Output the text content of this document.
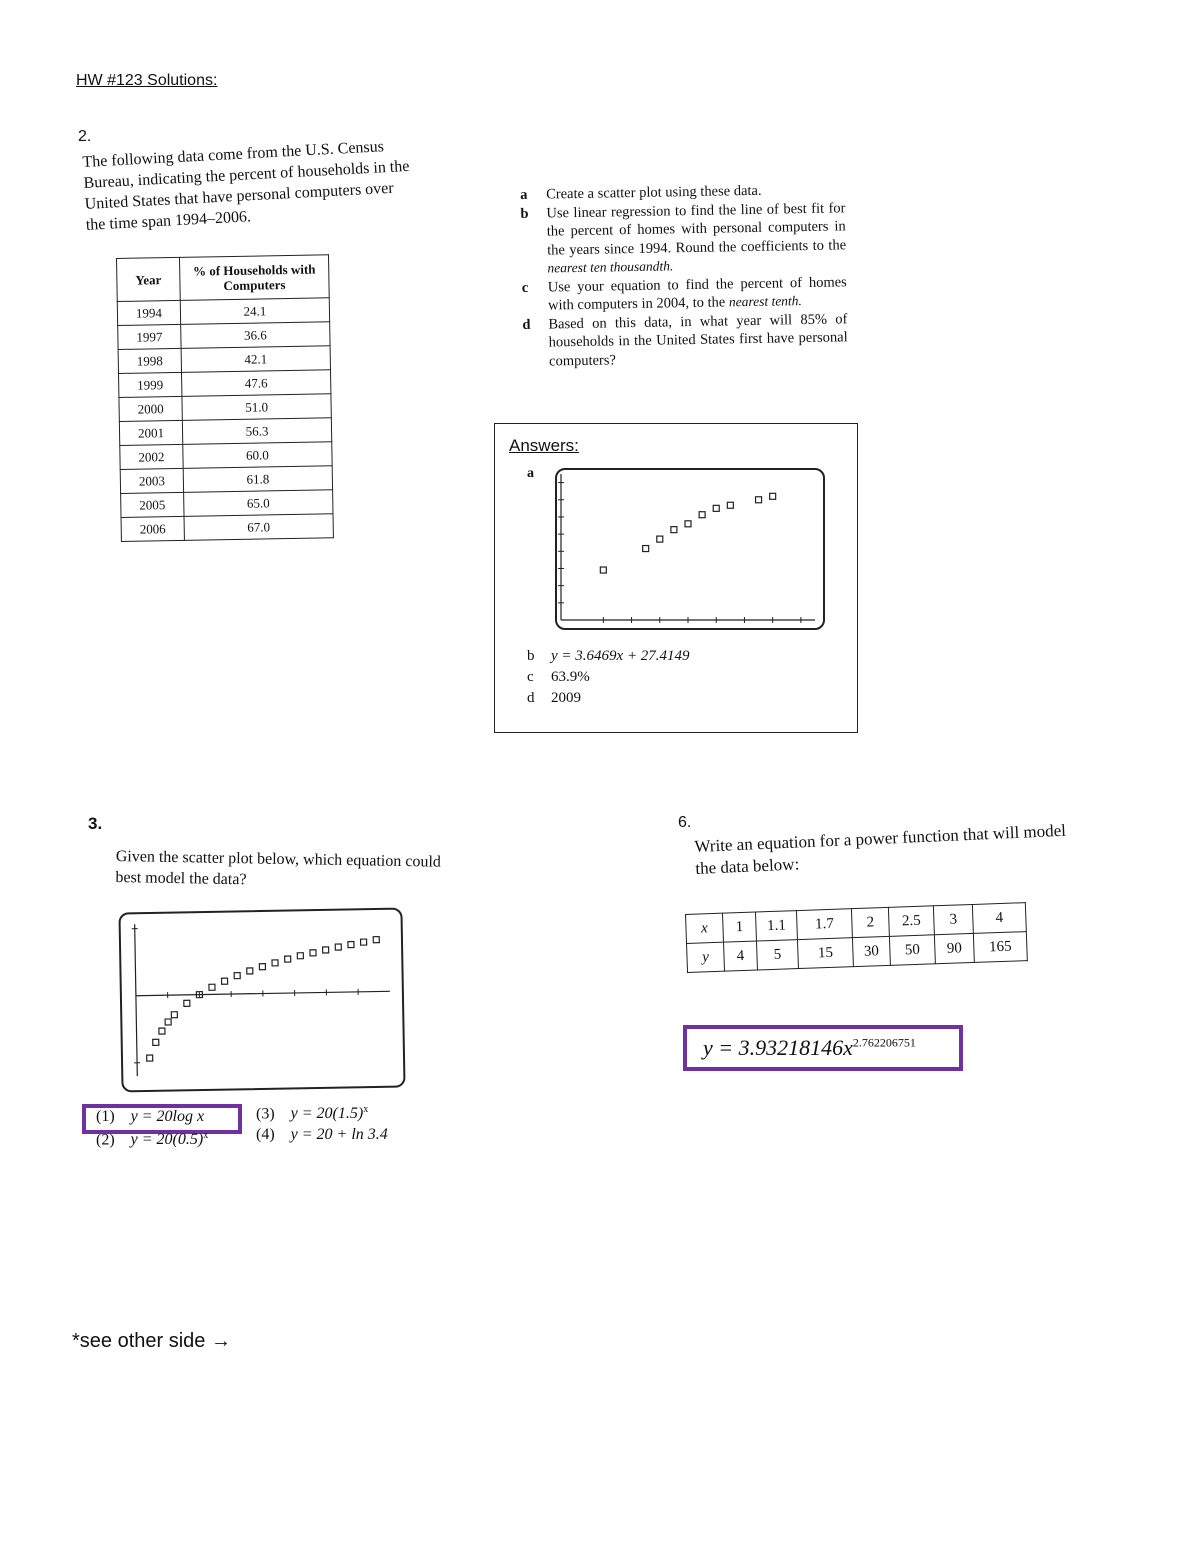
HW #123 Solutions:
2.
The following data come from the U.S. Census Bureau, indicating the percent of households in the United States that have personal computers over the time span 1994–2006.
Year	% of Households with Computers
1994	24.1
1997	36.6
1998	42.1
1999	47.6
2000	51.0
2001	56.3
2002	60.0
2003	61.8
2005	65.0
2006	67.0
a	Create a scatter plot using these data.
b	Use linear regression to find the line of best fit for the percent of homes with personal computers in the years since 1994. Round the coefficients to the nearest ten thousandth.
c	Use your equation to find the percent of homes with computers in 2004, to the nearest tenth.
d	Based on this data, in what year will 85% of households in the United States first have personal computers?
Answers:
a
b y = 3.6469x + 27.4149
c 63.9%
d 2009
3.
Given the scatter plot below, which equation could best model the data?
(1) y = 20log x
(2) $y = 20(0.5)^x$
(3) $y = 20(1.5)^x$
(4) y = 20 + ln 3.4
6. Write an equation for a power function that will model the data below:
x	1	1.1	1.7	2	2.5	3	4
y	4	5	15	30	50	90	165
$y = 3.93218146x^{2.762206751}$
*see other side →
